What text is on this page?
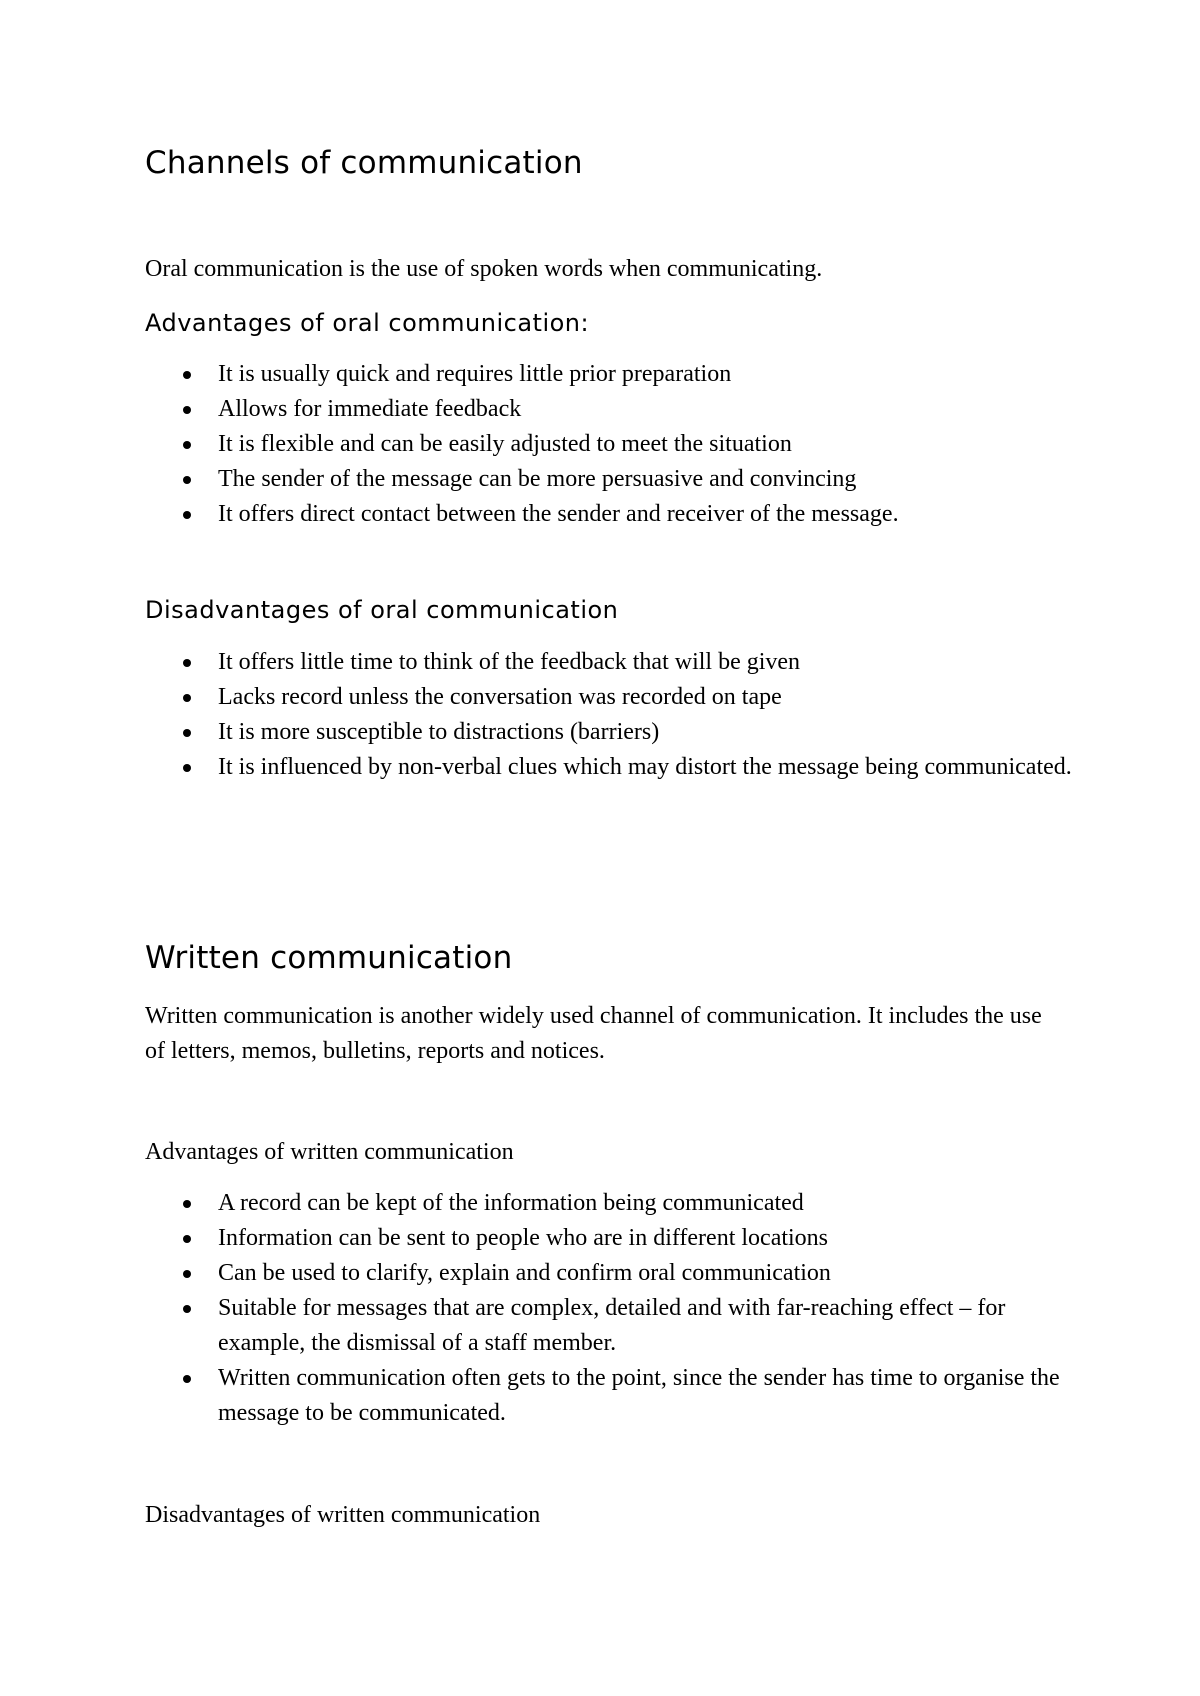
Channels of communication

Oral communication is the use of spoken words when communicating.

Advantages of oral communication:
It is usually quick and requires little prior preparation
Allows for immediate feedback
It is flexible and can be easily adjusted to meet the situation
The sender of the message can be more persuasive and convincing
It offers direct contact between the sender and receiver of the message.
Disadvantages of oral communication
It offers little time to think of the feedback that will be given
Lacks record unless the conversation was recorded on tape
It is more susceptible to distractions (barriers)
It is influenced by non-verbal clues which may distort the message being communicated.
Written communication

Written communication is another widely used channel of communication. It includes the use of letters, memos, bulletins, reports and notices.

Advantages of written communication

A record can be kept of the information being communicated
Information can be sent to people who are in different locations
Can be used to clarify, explain and confirm oral communication
Suitable for messages that are complex, detailed and with far-reaching effect – for example, the dismissal of a staff member.
Written communication often gets to the point, since the sender has time to organise the message to be communicated.

Disadvantages of written communication
